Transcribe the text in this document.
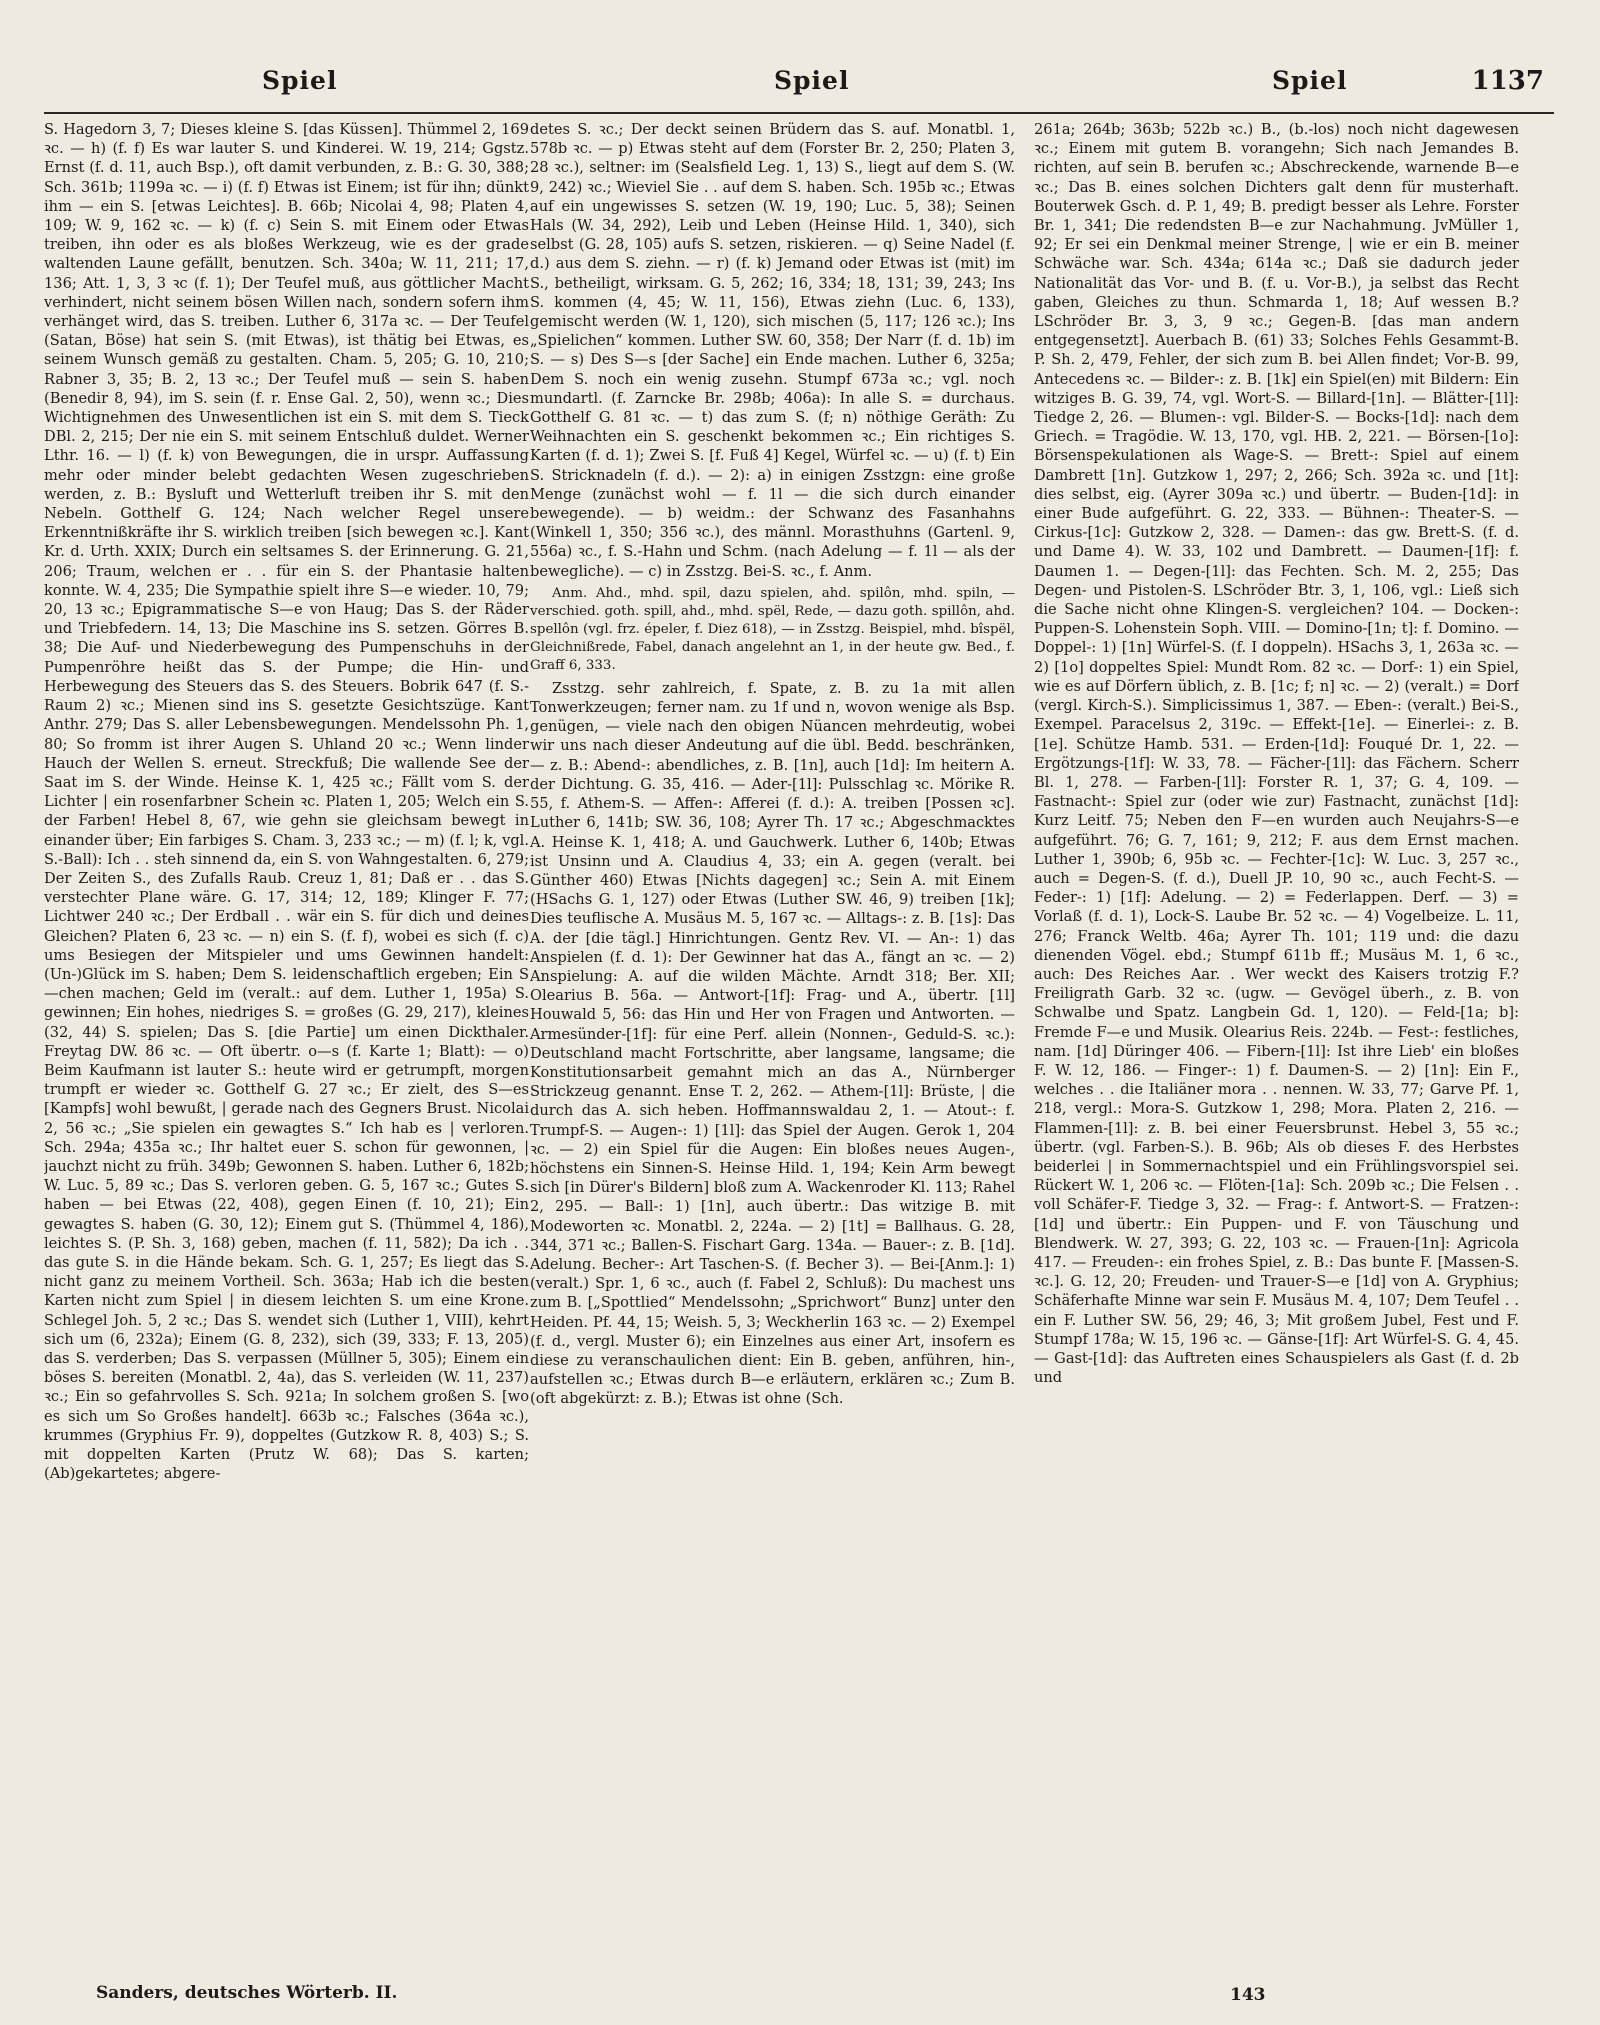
Spiel	Spiel	Spiel	1137

S. Hagedorn 3, 7; Dieses kleine S. [das Küssen]. Thümmel 2, 169 ꝛc. — h) (f. f) Es war lauter S. und Kinderei. W. 19, 214; Ggstz. Ernst (f. d. 11, auch Bsp.), oft damit verbunden, z. B.: G. 30, 388; Sch. 361b; 1199a ꝛc. — i) (f. f) Etwas ist Einem; ist für ihn; dünkt ihm — ein S. [etwas Leichtes]. B. 66b; Nicolai 4, 98; Platen 4, 109; W. 9, 162 ꝛc. — k) (f. c) Sein S. mit Einem oder Etwas treiben, ihn oder es als bloßes Werkzeug, wie es der grade waltenden Laune gefällt, benutzen. Sch. 340a; W. 11, 211; 17, 136; Att. 1, 3, 3 ꝛc (f. 1); Der Teufel muß, aus göttlicher Macht verhindert, nicht seinem bösen Willen nach, sondern sofern ihm verhänget wird, das S. treiben. Luther 6, 317a ꝛc. — Der Teufel (Satan, Böse) hat sein S. (mit Etwas), ist thätig bei Etwas, es seinem Wunsch gemäß zu gestalten. Cham. 5, 205; G. 10, 210; Rabner 3, 35; B. 2, 13 ꝛc.; Der Teufel muß — sein S. haben (Benedir 8, 94), im S. sein (f. r. Ense Gal. 2, 50), wenn ꝛc.; Dies Wichtignehmen des Unwesentlichen ist ein S. mit dem S. Tieck DBl. 2, 215; Der nie ein S. mit seinem Entschluß duldet. Werner Lthr. 16. — l) (f. k) von Bewegungen, die in urspr. Auffassung mehr oder minder belebt gedachten Wesen zugeschrieben werden, z. B.: Bysluft und Wetterluft treiben ihr S. mit den Nebeln. Gotthelf G. 124; Nach welcher Regel unsere Erkenntnißkräfte ihr S. wirklich treiben [sich bewegen ꝛc.]. Kant Kr. d. Urth. XXIX; Durch ein seltsames S. der Erinnerung. G. 21, 206; Traum, welchen er . . für ein S. der Phantasie halten konnte. W. 4, 235; Die Sympathie spielt ihre S—e wieder. 10, 79; 20, 13 ꝛc.; Epigrammatische S—e von Haug; Das S. der Räder und Triebfedern. 14, 13; Die Maschine ins S. setzen. Görres B. 38; Die Auf- und Niederbewegung des Pumpenschuhs in der Pumpenröhre heißt das S. der Pumpe; die Hin- und Herbewegung des Steuers das S. des Steuers. Bobrik 647 (f. S.-Raum 2) ꝛc.; Mienen sind ins S. gesetzte Gesichtszüge. Kant Anthr. 279; Das S. aller Lebensbewegungen. Mendelssohn Ph. 1, 80; So fromm ist ihrer Augen S. Uhland 20 ꝛc.; Wenn linder Hauch der Wellen S. erneut. Streckfuß; Die wallende See der Saat im S. der Winde. Heinse K. 1, 425 ꝛc.; Fällt vom S. der Lichter | ein rosenfarbner Schein ꝛc. Platen 1, 205; Welch ein S. der Farben! Hebel 8, 67, wie gehn sie gleichsam bewegt in einander über; Ein farbiges S. Cham. 3, 233 ꝛc.; — m) (f. l; k, vgl. S.-Ball): Ich . . steh sinnend da, ein S. von Wahngestalten. 6, 279; Der Zeiten S., des Zufalls Raub. Creuz 1, 81; Daß er . . das S. verstechter Plane wäre. G. 17, 314; 12, 189; Klinger F. 77; Lichtwer 240 ꝛc.; Der Erdball . . wär ein S. für dich und deines Gleichen? Platen 6, 23 ꝛc. — n) ein S. (f. f), wobei es sich (f. c) ums Besiegen der Mitspieler und ums Gewinnen handelt: (Un-)Glück im S. haben; Dem S. leidenschaftlich ergeben; Ein S—chen machen; Geld im (veralt.: auf dem. Luther 1, 195a) S. gewinnen; Ein hohes, niedriges S. = großes (G. 29, 217), kleines (32, 44) S. spielen; Das S. [die Partie] um einen Dickthaler. Freytag DW. 86 ꝛc. — Oft übertr. o—s (f. Karte 1; Blatt): — o) Beim Kaufmann ist lauter S.: heute wird er getrumpft, morgen trumpft er wieder ꝛc. Gotthelf G. 27 ꝛc.; Er zielt, des S—es [Kampfs] wohl bewußt, | gerade nach des Gegners Brust. Nicolai 2, 56 ꝛc.; „Sie spielen ein gewagtes S.“ Ich hab es | verloren. Sch. 294a; 435a ꝛc.; Ihr haltet euer S. schon für gewonnen, | jauchzt nicht zu früh. 349b; Gewonnen S. haben. Luther 6, 182b; W. Luc. 5, 89 ꝛc.; Das S. verloren geben. G. 5, 167 ꝛc.; Gutes S. haben — bei Etwas (22, 408), gegen Einen (f. 10, 21); Ein gewagtes S. haben (G. 30, 12); Einem gut S. (Thümmel 4, 186), leichtes S. (P. Sh. 3, 168) geben, machen (f. 11, 582); Da ich . . das gute S. in die Hände bekam. Sch. G. 1, 257; Es liegt das S. nicht ganz zu meinem Vortheil. Sch. 363a; Hab ich die besten Karten nicht zum Spiel | in diesem leichten S. um eine Krone. Schlegel Joh. 5, 2 ꝛc.; Das S. wendet sich (Luther 1, VIII), kehrt sich um (6, 232a); Einem (G. 8, 232), sich (39, 333; F. 13, 205) das S. verderben; Das S. verpassen (Müllner 5, 305); Einem ein böses S. bereiten (Monatbl. 2, 4a), das S. verleiden (W. 11, 237) ꝛc.; Ein so gefahrvolles S. Sch. 921a; In solchem großen S. [wo es sich um So Großes handelt]. 663b ꝛc.; Falsches (364a ꝛc.), krummes (Gryphius Fr. 9), doppeltes (Gutzkow R. 8, 403) S.; S. mit doppelten Karten (Prutz W. 68); Das S. karten; (Ab)gekartetes; abgere-

detes S. ꝛc.; Der deckt seinen Brüdern das S. auf. Monatbl. 1, 578b ꝛc. — p) Etwas steht auf dem (Forster Br. 2, 250; Platen 3, 28 ꝛc.), seltner: im (Sealsfield Leg. 1, 13) S., liegt auf dem S. (W. 9, 242) ꝛc.; Wieviel Sie . . auf dem S. haben. Sch. 195b ꝛc.; Etwas auf ein ungewisses S. setzen (W. 19, 190; Luc. 5, 38); Seinen Hals (W. 34, 292), Leib und Leben (Heinse Hild. 1, 340), sich selbst (G. 28, 105) aufs S. setzen, riskieren. — q) Seine Nadel (f. d.) aus dem S. ziehn. — r) (f. k) Jemand oder Etwas ist (mit) im S., betheiligt, wirksam. G. 5, 262; 16, 334; 18, 131; 39, 243; Ins S. kommen (4, 45; W. 11, 156), Etwas ziehn (Luc. 6, 133), gemischt werden (W. 1, 120), sich mischen (5, 117; 126 ꝛc.); Ins „Spielichen“ kommen. Luther SW. 60, 358; Der Narr (f. d. 1b) im S. — s) Des S—s [der Sache] ein Ende machen. Luther 6, 325a; Dem S. noch ein wenig zusehn. Stumpf 673a ꝛc.; vgl. noch mundartl. (f. Zarncke Br. 298b; 406a): In alle S. = durchaus. Gotthelf G. 81 ꝛc. — t) das zum S. (f; n) nöthige Geräth: Zu Weihnachten ein S. geschenkt bekommen ꝛc.; Ein richtiges S. Karten (f. d. 1); Zwei S. [f. Fuß 4] Kegel, Würfel ꝛc. — u) (f. t) Ein S. Stricknadeln (f. d.). — 2): a) in einigen Zsstzgn: eine große Menge (zunächst wohl — f. 1l — die sich durch einander bewegende). — b) weidm.: der Schwanz des Fasanhahns (Winkell 1, 350; 356 ꝛc.), des männl. Morasthuhns (Gartenl. 9, 556a) ꝛc., f. S.-Hahn und Schm. (nach Adelung — f. 1l — als der bewegliche). — c) in Zsstzg. Bei-S. ꝛc., f. Anm.

Anm. Ahd., mhd. spil, dazu spielen, ahd. spilôn, mhd. spiln, — verschied. goth. spill, ahd., mhd. spël, Rede, — dazu goth. spillôn, ahd. spellôn (vgl. frz. épeler, f. Diez 618), — in Zsstzg. Beispiel, mhd. bîspël, Gleichnißrede, Fabel, danach angelehnt an 1, in der heute gw. Bed., f. Graff 6, 333.

Zsstzg. sehr zahlreich, f. Spate, z. B. zu 1a mit allen Tonwerkzeugen; ferner nam. zu 1f und n, wovon wenige als Bsp. genügen, — viele nach den obigen Nüancen mehrdeutig, wobei wir uns nach dieser Andeutung auf die übl. Bedd. beschränken, — z. B.: Abend-: abendliches, z. B. [1n], auch [1d]: Im heitern A. der Dichtung. G. 35, 416. — Ader-[1l]: Pulsschlag ꝛc. Mörike R. 55, f. Athem-S. — Affen-: Afferei (f. d.): A. treiben [Possen ꝛc]. Luther 6, 141b; SW. 36, 108; Ayrer Th. 17 ꝛc.; Abgeschmacktes A. Heinse K. 1, 418; A. und Gauchwerk. Luther 6, 140b; Etwas ist Unsinn und A. Claudius 4, 33; ein A. gegen (veralt. bei Günther 460) Etwas [Nichts dagegen] ꝛc.; Sein A. mit Einem (HSachs G. 1, 127) oder Etwas (Luther SW. 46, 9) treiben [1k]; Dies teuflische A. Musäus M. 5, 167 ꝛc. — Alltags-: z. B. [1s]: Das A. der [die tägl.] Hinrichtungen. Gentz Rev. VI. — An-: 1) das Anspielen (f. d. 1): Der Gewinner hat das A., fängt an ꝛc. — 2) Anspielung: A. auf die wilden Mächte. Arndt 318; Ber. XII; Olearius B. 56a. — Antwort-[1f]: Frag- und A., übertr. [1l] Houwald 5, 56: das Hin und Her von Fragen und Antworten. — Armesünder-[1f]: für eine Perf. allein (Nonnen-, Geduld-S. ꝛc.): Deutschland macht Fortschritte, aber langsame, langsame; die Konstitutionsarbeit gemahnt mich an das A., Nürnberger Strickzeug genannt. Ense T. 2, 262. — Athem-[1l]: Brüste, | die durch das A. sich heben. Hoffmannswaldau 2, 1. — Atout-: f. Trumpf-S. — Augen-: 1) [1l]: das Spiel der Augen. Gerok 1, 204 ꝛc. — 2) ein Spiel für die Augen: Ein bloßes neues Augen-, höchstens ein Sinnen-S. Heinse Hild. 1, 194; Kein Arm bewegt sich [in Dürer's Bildern] bloß zum A. Wackenroder Kl. 113; Rahel 2, 295. — Ball-: 1) [1n], auch übertr.: Das witzige B. mit Modeworten ꝛc. Monatbl. 2, 224a. — 2) [1t] = Ballhaus. G. 28, 344, 371 ꝛc.; Ballen-S. Fischart Garg. 134a. — Bauer-: z. B. [1d]. Adelung. Becher-: Art Taschen-S. (f. Becher 3). — Bei-[Anm.]: 1) (veralt.) Spr. 1, 6 ꝛc., auch (f. Fabel 2, Schluß): Du machest uns zum B. [„Spottlied“ Mendelssohn; „Sprichwort“ Bunz] unter den Heiden. Pf. 44, 15; Weish. 5, 3; Weckherlin 163 ꝛc. — 2) Exempel (f. d., vergl. Muster 6); ein Einzelnes aus einer Art, insofern es diese zu veranschaulichen dient: Ein B. geben, anführen, hin-, aufstellen ꝛc.; Etwas durch B—e erläutern, erklären ꝛc.; Zum B. (oft abgekürzt: z. B.); Etwas ist ohne (Sch.

261a; 264b; 363b; 522b ꝛc.) B., (b.-los) noch nicht dagewesen ꝛc.; Einem mit gutem B. vorangehn; Sich nach Jemandes B. richten, auf sein B. berufen ꝛc.; Abschreckende, warnende B—e ꝛc.; Das B. eines solchen Dichters galt denn für musterhaft. Bouterwek Gsch. d. P. 1, 49; B. predigt besser als Lehre. Forster Br. 1, 341; Die redendsten B—e zur Nachahmung. JvMüller 1, 92; Er sei ein Denkmal meiner Strenge, | wie er ein B. meiner Schwäche war. Sch. 434a; 614a ꝛc.; Daß sie dadurch jeder Nationalität das Vor- und B. (f. u. Vor-B.), ja selbst das Recht gaben, Gleiches zu thun. Schmarda 1, 18; Auf wessen B.? LSchröder Br. 3, 3, 9 ꝛc.; Gegen-B. [das man andern entgegensetzt]. Auerbach B. (61) 33; Solches Fehls Gesammt-B. P. Sh. 2, 479, Fehler, der sich zum B. bei Allen findet; Vor-B. 99, Antecedens ꝛc. — Bilder-: z. B. [1k] ein Spiel(en) mit Bildern: Ein witziges B. G. 39, 74, vgl. Wort-S. — Billard-[1n]. — Blätter-[1l]: Tiedge 2, 26. — Blumen-: vgl. Bilder-S. — Bocks-[1d]: nach dem Griech. = Tragödie. W. 13, 170, vgl. HB. 2, 221. — Börsen-[1o]: Börsenspekulationen als Wage-S. — Brett-: Spiel auf einem Dambrett [1n]. Gutzkow 1, 297; 2, 266; Sch. 392a ꝛc. und [1t]: dies selbst, eig. (Ayrer 309a ꝛc.) und übertr. — Buden-[1d]: in einer Bude aufgeführt. G. 22, 333. — Bühnen-: Theater-S. — Cirkus-[1c]: Gutzkow 2, 328. — Damen-: das gw. Brett-S. (f. d. und Dame 4). W. 33, 102 und Dambrett. — Daumen-[1f]: f. Daumen 1. — Degen-[1l]: das Fechten. Sch. M. 2, 255; Das Degen- und Pistolen-S. LSchröder Btr. 3, 1, 106, vgl.: Ließ sich die Sache nicht ohne Klingen-S. vergleichen? 104. — Docken-: Puppen-S. Lohenstein Soph. VIII. — Domino-[1n; t]: f. Domino. — Doppel-: 1) [1n] Würfel-S. (f. I doppeln). HSachs 3, 1, 263a ꝛc. — 2) [1o] doppeltes Spiel: Mundt Rom. 82 ꝛc. — Dorf-: 1) ein Spiel, wie es auf Dörfern üblich, z. B. [1c; f; n] ꝛc. — 2) (veralt.) = Dorf (vergl. Kirch-S.). Simplicissimus 1, 387. — Eben-: (veralt.) Bei-S., Exempel. Paracelsus 2, 319c. — Effekt-[1e]. — Einerlei-: z. B. [1e]. Schütze Hamb. 531. — Erden-[1d]: Fouqué Dr. 1, 22. — Ergötzungs-[1f]: W. 33, 78. — Fächer-[1l]: das Fächern. Scherr Bl. 1, 278. — Farben-[1l]: Forster R. 1, 37; G. 4, 109. — Fastnacht-: Spiel zur (oder wie zur) Fastnacht, zunächst [1d]: Kurz Leitf. 75; Neben den F—en wurden auch Neujahrs-S—e aufgeführt. 76; G. 7, 161; 9, 212; F. aus dem Ernst machen. Luther 1, 390b; 6, 95b ꝛc. — Fechter-[1c]: W. Luc. 3, 257 ꝛc., auch = Degen-S. (f. d.), Duell JP. 10, 90 ꝛc., auch Fecht-S. — Feder-: 1) [1f]: Adelung. — 2) = Federlappen. Derf. — 3) = Vorlaß (f. d. 1), Lock-S. Laube Br. 52 ꝛc. — 4) Vogelbeize. L. 11, 276; Franck Weltb. 46a; Ayrer Th. 101; 119 und: die dazu dienenden Vögel. ebd.; Stumpf 611b ff.; Musäus M. 1, 6 ꝛc., auch: Des Reiches Aar. . Wer weckt des Kaisers trotzig F.? Freiligrath Garb. 32 ꝛc. (ugw. — Gevögel überh., z. B. von Schwalbe und Spatz. Langbein Gd. 1, 120). — Feld-[1a; b]: Fremde F—e und Musik. Olearius Reis. 224b. — Fest-: festliches, nam. [1d] Düringer 406. — Fibern-[1l]: Ist ihre Lieb' ein bloßes F. W. 12, 186. — Finger-: 1) f. Daumen-S. — 2) [1n]: Ein F., welches . . die Italiäner mora . . nennen. W. 33, 77; Garve Pf. 1, 218, vergl.: Mora-S. Gutzkow 1, 298; Mora. Platen 2, 216. — Flammen-[1l]: z. B. bei einer Feuersbrunst. Hebel 3, 55 ꝛc.; übertr. (vgl. Farben-S.). B. 96b; Als ob dieses F. des Herbstes beiderlei | in Sommernachtspiel und ein Frühlingsvorspiel sei. Rückert W. 1, 206 ꝛc. — Flöten-[1a]: Sch. 209b ꝛc.; Die Felsen . . voll Schäfer-F. Tiedge 3, 32. — Frag-: f. Antwort-S. — Fratzen-: [1d] und übertr.: Ein Puppen- und F. von Täuschung und Blendwerk. W. 27, 393; G. 22, 103 ꝛc. — Frauen-[1n]: Agricola 417. — Freuden-: ein frohes Spiel, z. B.: Das bunte F. [Massen-S. ꝛc.]. G. 12, 20; Freuden- und Trauer-S—e [1d] von A. Gryphius; Schäferhafte Minne war sein F. Musäus M. 4, 107; Dem Teufel . . ein F. Luther SW. 56, 29; 46, 3; Mit großem Jubel, Fest und F. Stumpf 178a; W. 15, 196 ꝛc. — Gänse-[1f]: Art Würfel-S. G. 4, 45. — Gast-[1d]: das Auftreten eines Schauspielers als Gast (f. d. 2b und

Sanders, deutsches Wörterb. II.	143
